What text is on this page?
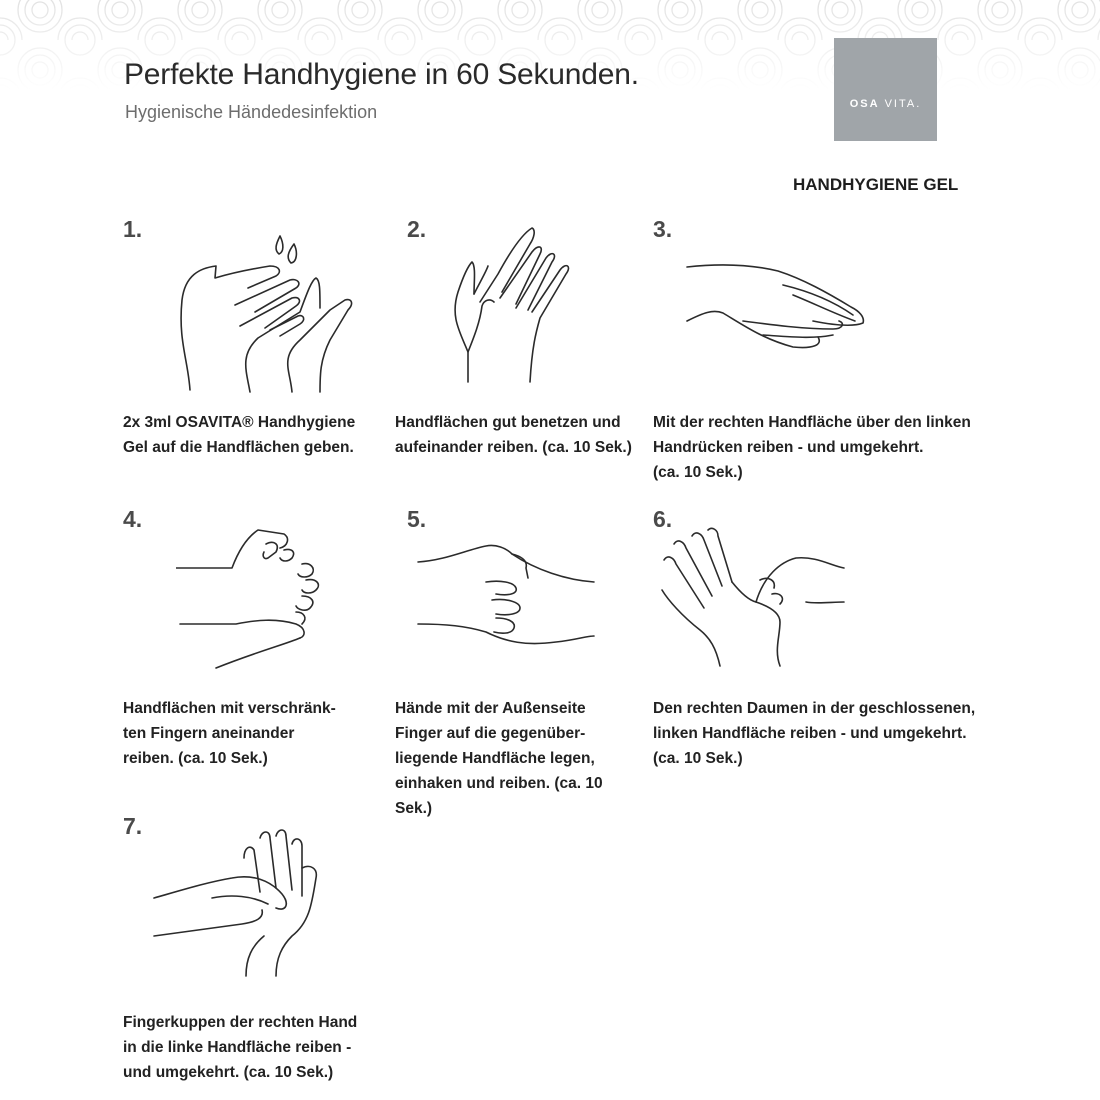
Perfekte Handhygiene in 60 Sekunden.
Hygienische Händedesinfektion	OSA VITA.
HANDHYGIENE GEL
1.
2x 3ml OSAVITA® Handhygiene
Gel auf die Handflächen geben.
2.
Handflächen gut benetzen und
aufeinander reiben. (ca. 10 Sek.)
3.
Mit der rechten Handfläche über den linken
Handrücken reiben - und umgekehrt.
(ca. 10 Sek.)
4.
Handflächen mit verschränk-
ten Fingern aneinander
reiben. (ca. 10 Sek.)
5.
Hände mit der Außenseite
Finger auf die gegenüber-
liegende Handfläche legen,
einhaken und reiben. (ca. 10
Sek.)
6.
Den rechten Daumen in der geschlossenen,
linken Handfläche reiben - und umgekehrt.
(ca. 10 Sek.)
7.
Fingerkuppen der rechten Hand
in die linke Handfläche reiben -
und umgekehrt. (ca. 10 Sek.)
